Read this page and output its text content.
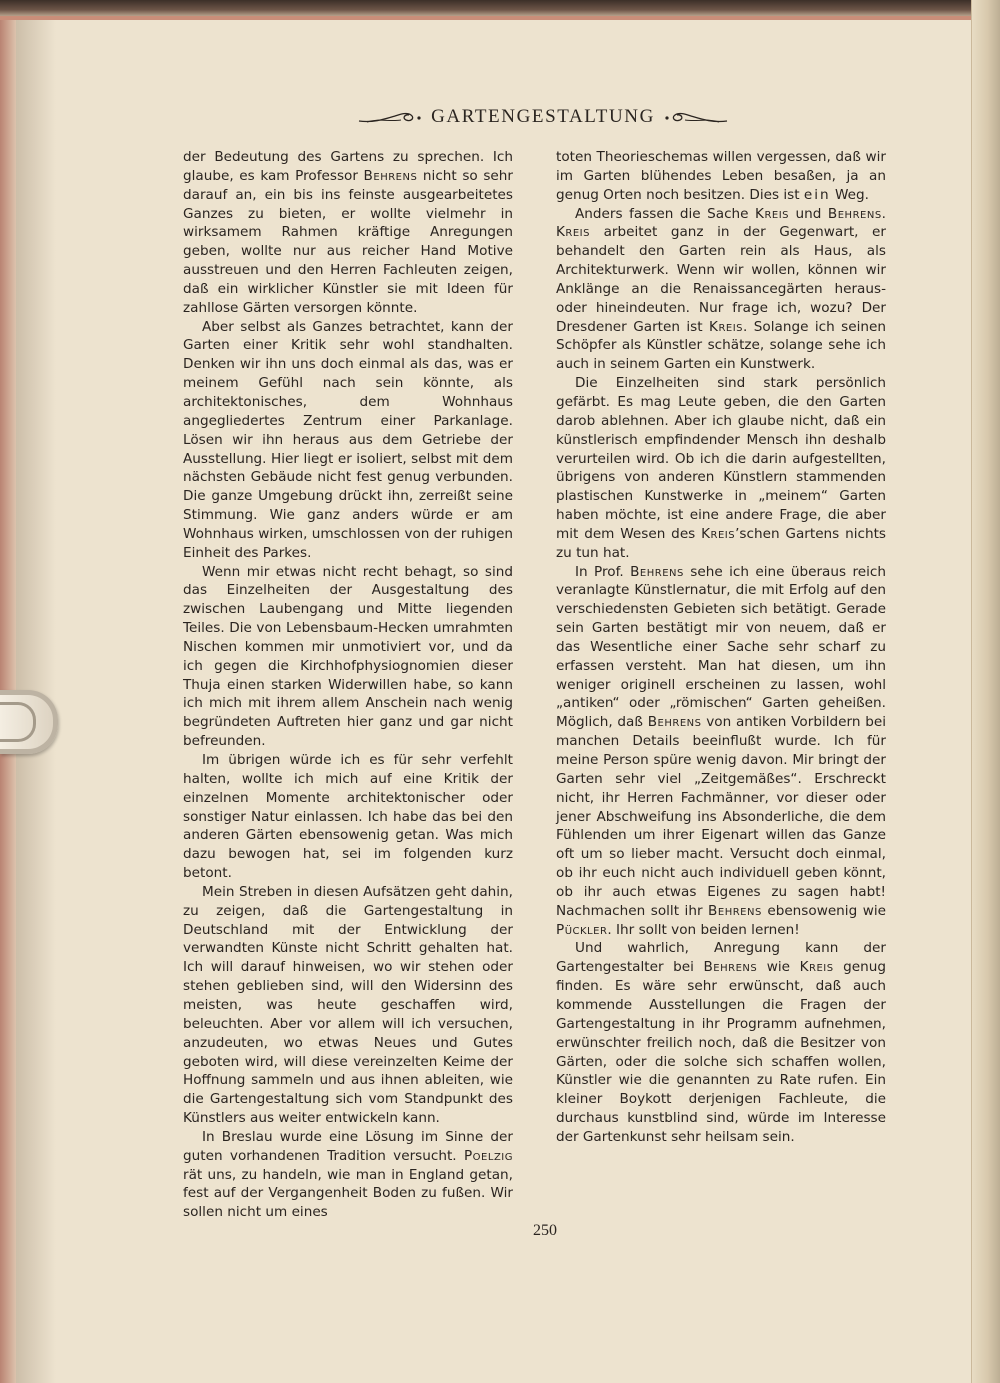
GARTENGESTALTUNG

der Bedeutung des Gartens zu sprechen. Ich glaube, es kam Professor Behrens nicht so sehr darauf an, ein bis ins feinste ausgearbeitetes Ganzes zu bieten, er wollte vielmehr in wirksamem Rahmen kräftige Anregungen geben, wollte nur aus reicher Hand Motive ausstreuen und den Herren Fachleuten zeigen, daß ein wirklicher Künstler sie mit Ideen für zahllose Gärten versorgen könnte.

Aber selbst als Ganzes betrachtet, kann der Garten einer Kritik sehr wohl standhalten. Denken wir ihn uns doch einmal als das, was er meinem Gefühl nach sein könnte, als architektonisches, dem Wohnhaus angegliedertes Zentrum einer Parkanlage. Lösen wir ihn heraus aus dem Getriebe der Ausstellung. Hier liegt er isoliert, selbst mit dem nächsten Gebäude nicht fest genug verbunden. Die ganze Umgebung drückt ihn, zerreißt seine Stimmung. Wie ganz anders würde er am Wohnhaus wirken, umschlossen von der ruhigen Einheit des Parkes.

Wenn mir etwas nicht recht behagt, so sind das Einzelheiten der Ausgestaltung des zwischen Laubengang und Mitte liegenden Teiles. Die von Lebensbaum-Hecken umrahmten Nischen kommen mir unmotiviert vor, und da ich gegen die Kirchhofphysiognomien dieser Thuja einen starken Widerwillen habe, so kann ich mich mit ihrem allem Anschein nach wenig begründeten Auftreten hier ganz und gar nicht befreunden.

Im übrigen würde ich es für sehr verfehlt halten, wollte ich mich auf eine Kritik der einzelnen Momente architektonischer oder sonstiger Natur einlassen. Ich habe das bei den anderen Gärten ebensowenig getan. Was mich dazu bewogen hat, sei im folgenden kurz betont.

Mein Streben in diesen Aufsätzen geht dahin, zu zeigen, daß die Gartengestaltung in Deutschland mit der Entwicklung der verwandten Künste nicht Schritt gehalten hat. Ich will darauf hinweisen, wo wir stehen oder stehen geblieben sind, will den Widersinn des meisten, was heute geschaffen wird, beleuchten. Aber vor allem will ich versuchen, anzudeuten, wo etwas Neues und Gutes geboten wird, will diese vereinzelten Keime der Hoffnung sammeln und aus ihnen ableiten, wie die Gartengestaltung sich vom Standpunkt des Künstlers aus weiter entwickeln kann.

In Breslau wurde eine Lösung im Sinne der guten vorhandenen Tradition versucht. Poelzig rät uns, zu handeln, wie man in England getan, fest auf der Vergangenheit Boden zu fußen. Wir sollen nicht um eines

toten Theorieschemas willen vergessen, daß wir im Garten blühendes Leben besaßen, ja an genug Orten noch besitzen. Dies ist ein Weg.

Anders fassen die Sache Kreis und Behrens. Kreis arbeitet ganz in der Gegenwart, er behandelt den Garten rein als Haus, als Architekturwerk. Wenn wir wollen, können wir Anklänge an die Renaissancegärten heraus- oder hineindeuten. Nur frage ich, wozu? Der Dresdener Garten ist Kreis. Solange ich seinen Schöpfer als Künstler schätze, solange sehe ich auch in seinem Garten ein Kunstwerk.

Die Einzelheiten sind stark persönlich gefärbt. Es mag Leute geben, die den Garten darob ablehnen. Aber ich glaube nicht, daß ein künstlerisch empfindender Mensch ihn deshalb verurteilen wird. Ob ich die darin aufgestellten, übrigens von anderen Künstlern stammenden plastischen Kunstwerke in „meinem“ Garten haben möchte, ist eine andere Frage, die aber mit dem Wesen des Kreis’schen Gartens nichts zu tun hat.

In Prof. Behrens sehe ich eine überaus reich veranlagte Künstlernatur, die mit Erfolg auf den verschiedensten Gebieten sich betätigt. Gerade sein Garten bestätigt mir von neuem, daß er das Wesentliche einer Sache sehr scharf zu erfassen versteht. Man hat diesen, um ihn weniger originell erscheinen zu lassen, wohl „antiken“ oder „römischen“ Garten geheißen. Möglich, daß Behrens von antiken Vorbildern bei manchen Details beeinflußt wurde. Ich für meine Person spüre wenig davon. Mir bringt der Garten sehr viel „Zeitgemäßes“. Erschreckt nicht, ihr Herren Fachmänner, vor dieser oder jener Abschweifung ins Absonderliche, die dem Fühlenden um ihrer Eigenart willen das Ganze oft um so lieber macht. Versucht doch einmal, ob ihr euch nicht auch individuell geben könnt, ob ihr auch etwas Eigenes zu sagen habt! Nachmachen sollt ihr Behrens ebensowenig wie Pückler. Ihr sollt von beiden lernen!

Und wahrlich, Anregung kann der Gartengestalter bei Behrens wie Kreis genug finden. Es wäre sehr erwünscht, daß auch kommende Ausstellungen die Fragen der Gartengestaltung in ihr Programm aufnehmen, erwünschter freilich noch, daß die Besitzer von Gärten, oder die solche sich schaffen wollen, Künstler wie die genannten zu Rate rufen. Ein kleiner Boykott derjenigen Fachleute, die durchaus kunstblind sind, würde im Interesse der Gartenkunst sehr heilsam sein.

250
